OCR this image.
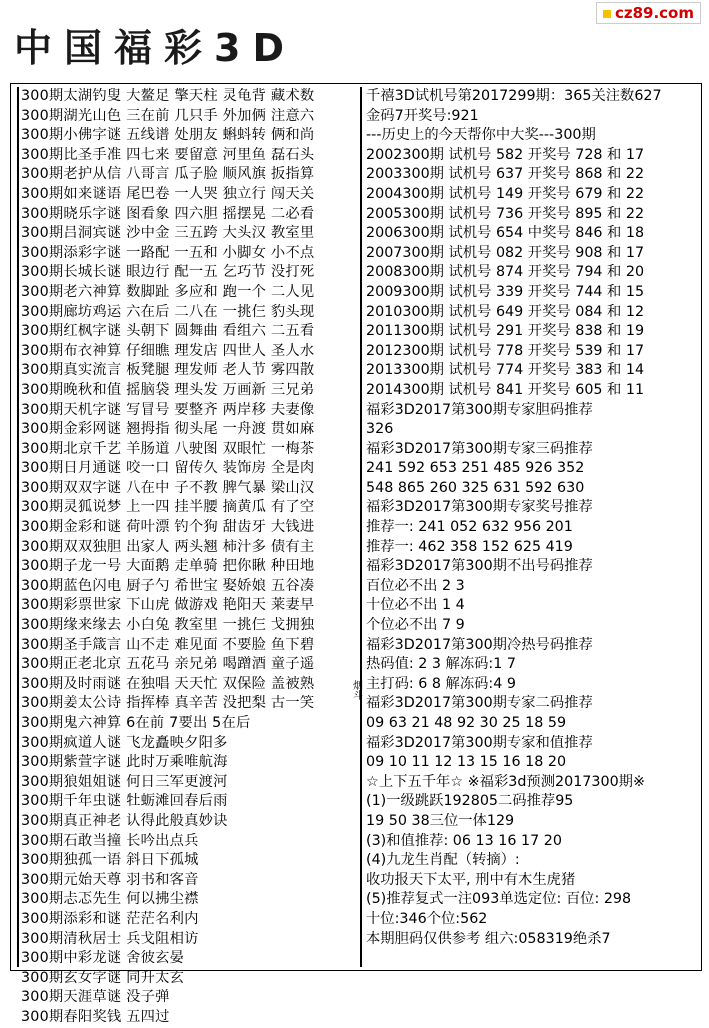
中国福彩3D
cz89.com
300期太湖钓叟 大鳌足 擎天柱 灵龟背 藏术数
300期湖光山色 三在前 几只手 外加俩 注意六
300期小佛字谜 五线谱 处朋友 蝌蚪转 俩和尚
300期比圣手准 四七来 要留意 河里鱼 磊石头
300期老护从信 八哥言 瓜子脸 顺风旗 扳指算
300期如来谜语 尾巴卷 一人哭 独立行 闯天关
300期晓乐字谜 图看象 四六胆 摇摆晃 二必看
300期吕洞宾谜 沙中金 三五跨 大头汉 教室里
300期添彩字谜 一路配 一五和 小脚女 小不点
300期长城长谜 眼边行 配一五 乞巧节 没打死
300期老六神算 数脚趾 多应和 跑一个 二人见
300期廊坊鸡运 六在后 二八在 一挑仨 豹头现
300期红枫字谜 头朝下 圆舞曲 看组六 二五看
300期布衣神算 仔细瞧 理发店 四世人 圣人水
300期真实流言 板凳腿 理发师 老人节 雾四散
300期晚秋和值 摇脑袋 理头发 万画新 三兄弟
300期天机字谜 写冒号 要整齐 两岸移 夫妻像
300期金彩网谜 翘拇指 彻头尾 一舟渡 贯如麻
300期北京千艺 羊肠道 八驶图 双眼忙 一梅茶
300期日月通谜 咬一口 留传久 装饰房 全是肉
300期双双字谜 八在中 子不教 脾气暴 梁山汉
300期灵狐说梦 上一四 挂半腰 摘黄瓜 有了空
300期金彩和谜 荷叶漂 钓个狗 甜齿牙 大钱进
300期双双独胆 出家人 两头翘 柿汁多 债有主
300期子龙一号 大面鹅 走单骑 把你瞅 种田地
300期蓝色闪电 厨子勺 希世宝 娶娇娘 五谷凑
300期彩票世家 下山虎 做游戏 艳阳天 莱妻早
300期缘来缘去 小白兔 教室里 一挑仨 戈拥独
300期圣手箴言 山不走 难见面 不要脸 鱼下碧
300期正老北京 五花马 亲兄弟 喝蹭酒 童子遥
300期及时雨谜 在独唱 天天忙 双保险 盖被熟
300期姜太公诗 指挥棒 真辛苦 没把梨 古一笑
300期鬼六神算 6在前 7要出 5在后
300期疯道人谜 飞龙矗映夕阳多
300期紫萱字谜 此时万乘唯航海
300期狼姐姐谜 何日三军更渡河
300期千年虫谜 牡蛎滩回春后雨
300期真正神老 认得此般真妙诀
300期石敢当撞 长吟出点兵
300期独孤一语 斜日下孤城
300期元始天尊 羽书和客音
300期忐忑先生 何以拂尘襟
300期添彩和谜 茫茫名利内
300期清秋居士 兵戈阻相访
300期中彩龙谜 舍彼玄晏
300期玄女字谜 同升太玄
300期天涯草谜 没子弹
300期春阳奖钱 五四过
烟斗
千禧3D试机号第2017299期：365关注数627
金码7开奖号:921
---历史上的今天帮你中大奖---300期
2002300期 试机号 582 开奖号 728 和 17
2003300期 试机号 637 开奖号 868 和 22
2004300期 试机号 149 开奖号 679 和 22
2005300期 试机号 736 开奖号 895 和 22
2006300期 试机号 654 中奖号 846 和 18
2007300期 试机号 082 开奖号 908 和 17
2008300期 试机号 874 开奖号 794 和 20
2009300期 试机号 339 开奖号 744 和 15
2010300期 试机号 649 开奖号 084 和 12
2011300期 试机号 291 开奖号 838 和 19
2012300期 试机号 778 开奖号 539 和 17
2013300期 试机号 774 开奖号 383 和 14
2014300期 试机号 841 开奖号 605 和 11
福彩3D2017第300期专家胆码推荐
326
福彩3D2017第300期专家三码推荐
241 592 653 251 485 926 352
548 865 260 325 631 592 630
福彩3D2017第300期专家奖号推荐
推荐一: 241 052 632 956 201
推荐一: 462 358 152 625 419
福彩3D2017第300期不出号码推荐
百位必不出 2 3
十位必不出 1 4
个位必不出 7 9
福彩3D2017第300期冷热号码推荐
热码值: 2 3 解冻码:1 7
主打码: 6 8 解冻码:4 9
福彩3D2017第300期专家二码推荐
09 63 21 48 92 30 25 18 59
福彩3D2017第300期专家和值推荐
09 10 11 12 13 15 16 18 20
☆上下五千年☆ ※福彩3d预测2017300期※
(1)一级跳跃192805二码推荐95
19 50 38三位一体129
(3)和值推荐: 06 13 16 17 20
(4)九龙生肖配（转摘）:
收功报天下太平, 刑中有木生虎猪
(5)推荐复式一注093单选定位: 百位: 298
十位:346个位:562
本期胆码仅供参考 组六:058319绝杀7
